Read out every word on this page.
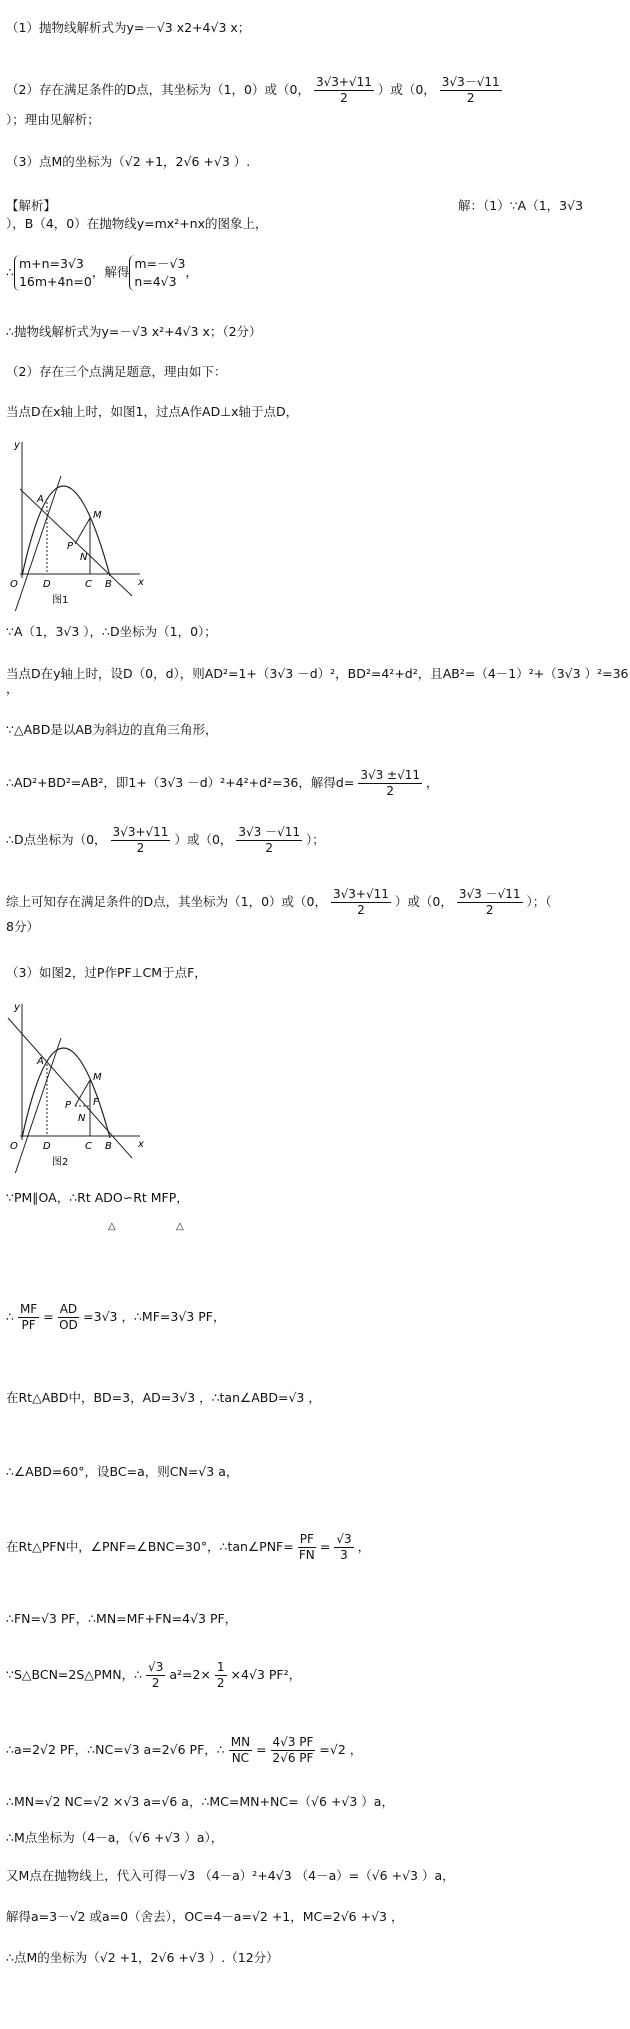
（1）抛物线解析式为y=－√3 x2+4√3 x；
（2）存在满足条件的D点，其坐标为（1，0）或（0， $\frac{3√3+√11}{2}$ ）或（0， $\frac{3√3-√11}{2}$
）；理由见解析；
（3）点M的坐标为（√2 +1，2√6 +√3 ）.
【解析】	解：（1）∵A（1，3√3
），B（4，0）在抛物线y=mx²+nx的图象上，
∴m+n=3√3
16m+4n=0，解得m=－√3
n=4√3，
∴抛物线解析式为y=－√3 x²+4√3 x；（2分）
（2）存在三个点满足题意，理由如下：
当点D在x轴上时，如图1，过点A作AD⊥x轴于点D，
y
x
O
A
M
P
N
D	C B
图1
∵A（1，3√3 ），∴D坐标为（1，0）；
当点D在y轴上时，设D（0，d），则AD²=1+（3√3 －d）²，BD²=4²+d²，且AB²=（4－1）²+（3√3 ）²=36
，
∵△ABD是以AB为斜边的直角三角形，
∴AD²+BD²=AB²，即1+（3√3 －d）²+4²+d²=36，解得$d= \frac{3√3 \pm√11}{2}$ ，
∴D点坐标为（0， $\frac{3√3+√11}{2}$ ）或（0， $\frac{3√3 -√11}{2}$ ）；
综上可知存在满足条件的D点，其坐标为（1，0）或（0， $\frac{3√3+√11}{2}$ ）或（0， $\frac{3√3 -√11}{2}$ ）；（
8分）
（3）如图2，过P作PF⊥CM于点F，
y
x
O
A
M
P F
N
D	C B
图2
∵PM∥OA，∴Rt ADO∽Rt MFP，
△	△
∴ $\frac{MF}{PF} = \frac{AD}{OD} =3√3$ ，∴MF=3√3 PF，
在Rt△ABD中，BD=3，AD=3√3 ，∴tan∠ABD=√3 ，
∴∠ABD=60°，设BC=a，则CN=√3 a，
在Rt△PFN中，∠PNF=∠BNC=30°，∴tan∠PNF= $\frac{PF}{FN} = \frac{√3}{3}$ ，
∴FN=√3 PF，∴MN=MF+FN=4√3 PF，
∵S△BCN=2S△PMN，∴ $\frac{√3}{2} a^2=2\times \frac{1}{2} \times 4√3$ PF²，
∴a=2√2 PF，∴NC=√3 a=2√6 PF，∴ $\frac{MN}{NC} = \frac{4√3 PF}{2√6 PF} =√2$ ，
∴MN=√2 NC=√2 ×√3 a=√6 a，∴MC=MN+NC=（√6 +√3 ）a，
∴M点坐标为（4－a，（√6 +√3 ）a），
又M点在抛物线上，代入可得－√3 （4－a）²+4√3 （4－a）=（√6 +√3 ）a，
解得a=3－√2 或a=0（舍去），OC=4－a=√2 +1，MC=2√6 +√3 ，
∴点M的坐标为（√2 +1，2√6 +√3 ）.（12分）
